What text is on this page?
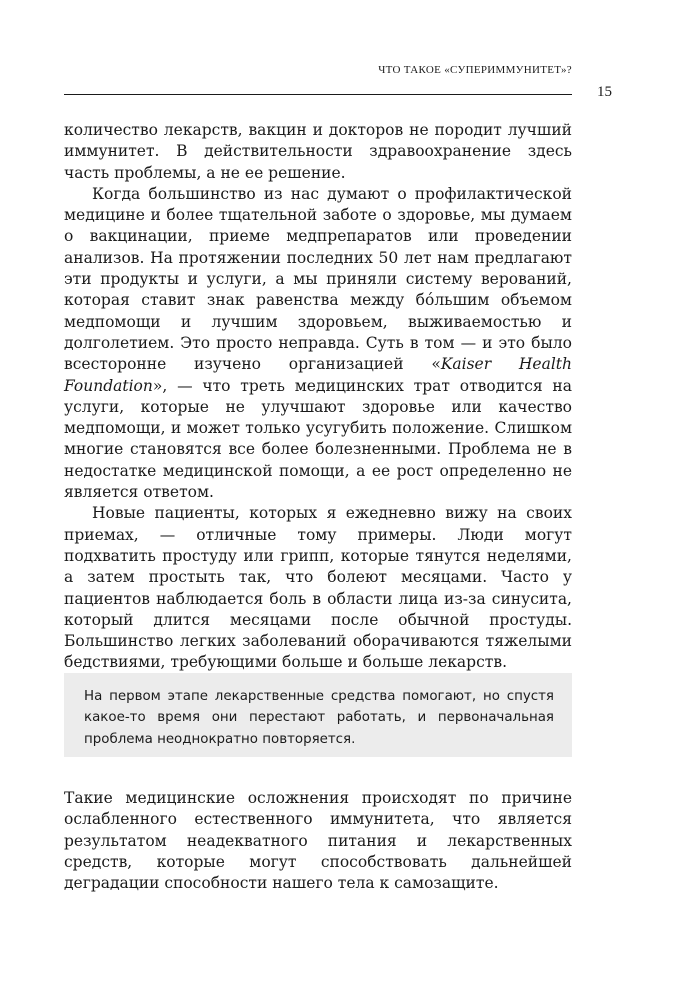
ЧТО ТАКОЕ «СУПЕРИММУНИТЕТ»?
15

количество лекарств, вакцин и докторов не породит лучший иммунитет. В действительности здравоохранение здесь часть проблемы, а не ее решение.

Когда большинство из нас думают о профилактической медицине и более тщательной заботе о здоровье, мы думаем о вакцинации, приеме медпрепаратов или проведении анализов. На протяжении последних 50 лет нам предлагают эти продукты и услуги, а мы приняли систему верований, которая ставит знак равенства между бóльшим объемом медпомощи и лучшим здоровьем, выживаемостью и долголетием. Это просто неправда. Суть в том — и это было всесторонне изучено организацией «Kaiser Health Foundation», — что треть медицинских трат отводится на услуги, которые не улучшают здоровье или качество медпомощи, и может только усугубить положение. Слишком многие становятся все более болезненными. Проблема не в недостатке медицинской помощи, а ее рост определенно не является ответом.

Новые пациенты, которых я ежедневно вижу на своих приемах, — отличные тому примеры. Люди могут подхватить простуду или грипп, которые тянутся неделями, а затем простыть так, что болеют месяцами. Часто у пациентов наблюдается боль в области лица из-за синусита, который длится месяцами после обычной простуды. Большинство легких заболеваний оборачиваются тяжелыми бедствиями, требующими больше и больше лекарств.

На первом этапе лекарственные средства помогают, но спустя какое-то время они перестают работать, и первоначальная проблема неоднократно повторяется.

Такие медицинские осложнения происходят по причине ослабленного естественного иммунитета, что является результатом неадекватного питания и лекарственных средств, которые могут способствовать дальнейшей деградации способности нашего тела к самозащите.
